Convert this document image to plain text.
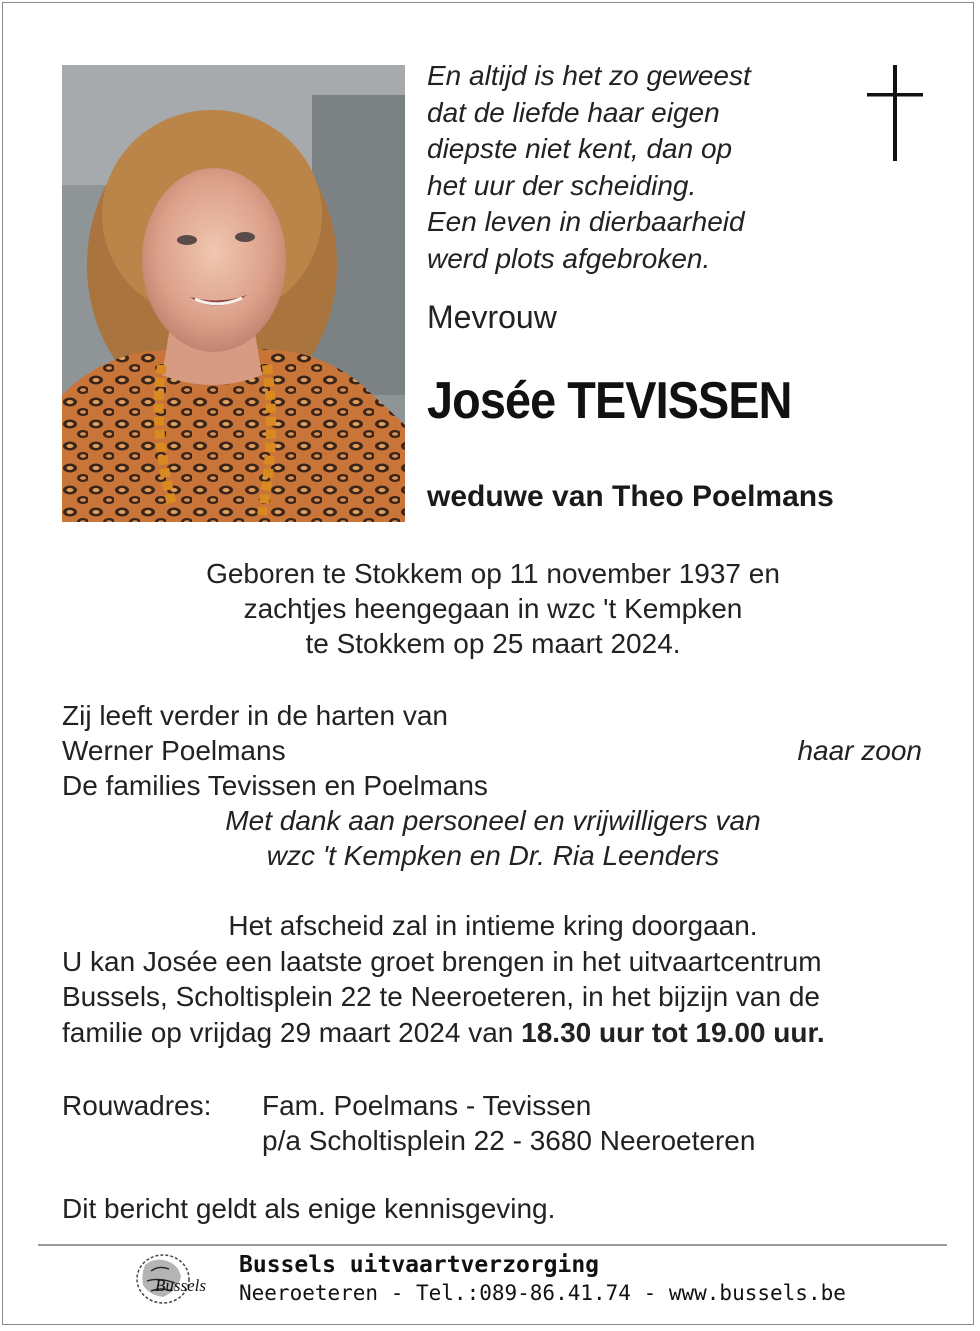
En altijd is het zo geweest
dat de liefde haar eigen
diepste niet kent, dan op
het uur der scheiding.
Een leven in dierbaarheid
werd plots afgebroken.
Mevrouw
Josée TEVISSEN
weduwe van Theo Poelmans
Geboren te Stokkem op 11 november 1937 en
zachtjes heengegaan in wzc 't Kempken
te Stokkem op 25 maart 2024.
Zij leeft verder in de harten van
Werner Poelmans	haar zoon
De families Tevissen en Poelmans
Met dank aan personeel en vrijwilligers van
wzc 't Kempken en Dr. Ria Leenders
Het afscheid zal in intieme kring doorgaan.
U kan Josée een laatste groet brengen in het uitvaartcentrum
Bussels, Scholtisplein 22 te Neeroeteren, in het bijzijn van de
familie op vrijdag 29 maart 2024 van 18.30 uur tot 19.00 uur.
Rouwadres: Fam. Poelmans - Tevissen
p/a Scholtisplein 22 - 3680 Neeroeteren
Dit bericht geldt als enige kennisgeving.
Bussels
Bussels uitvaartverzorging
Neeroeteren - Tel.:089-86.41.74 - www.bussels.be
